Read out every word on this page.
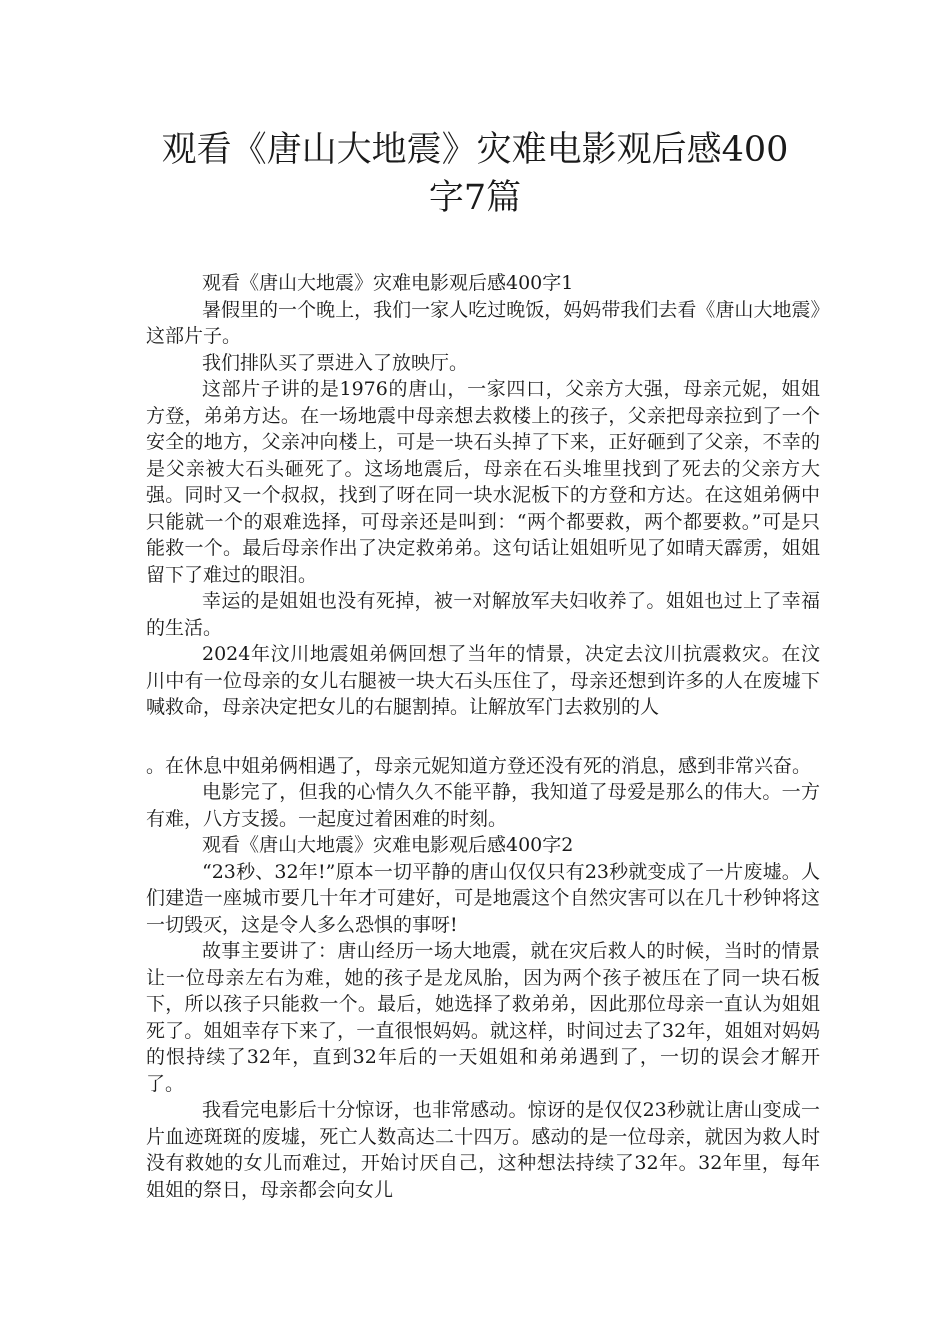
观看《唐山大地震》灾难电影观后感400
字7篇

观看《唐山大地震》灾难电影观后感400字1

暑假里的一个晚上，我们一家人吃过晚饭，妈妈带我们去看《唐山大地震》这部片子。

我们排队买了票进入了放映厅。

这部片子讲的是1976的唐山，一家四口，父亲方大强，母亲元妮，姐姐方登，弟弟方达。在一场地震中母亲想去救楼上的孩子，父亲把母亲拉到了一个安全的地方，父亲冲向楼上，可是一块石头掉了下来，正好砸到了父亲，不幸的是父亲被大石头砸死了。这场地震后，母亲在石头堆里找到了死去的父亲方大强。同时又一个叔叔，找到了呀在同一块水泥板下的方登和方达。在这姐弟俩中只能就一个的艰难选择，可母亲还是叫到：“两个都要救，两个都要救。”可是只能救一个。最后母亲作出了决定救弟弟。这句话让姐姐听见了如晴天霹雳，姐姐留下了难过的眼泪。

幸运的是姐姐也没有死掉，被一对解放军夫妇收养了。姐姐也过上了幸福的生活。

2024年汶川地震姐弟俩回想了当年的情景，决定去汶川抗震救灾。在汶川中有一位母亲的女儿右腿被一块大石头压住了，母亲还想到许多的人在废墟下喊救命，母亲决定把女儿的右腿割掉。让解放军门去救别的人

。在休息中姐弟俩相遇了，母亲元妮知道方登还没有死的消息，感到非常兴奋。

电影完了，但我的心情久久不能平静，我知道了母爱是那么的伟大。一方有难，八方支援。一起度过着困难的时刻。

观看《唐山大地震》灾难电影观后感400字2

“23秒、32年!”原本一切平静的唐山仅仅只有23秒就变成了一片废墟。人们建造一座城市要几十年才可建好，可是地震这个自然灾害可以在几十秒钟将这一切毁灭，这是令人多么恐惧的事呀!

故事主要讲了：唐山经历一场大地震，就在灾后救人的时候，当时的情景让一位母亲左右为难，她的孩子是龙凤胎，因为两个孩子被压在了同一块石板下，所以孩子只能救一个。最后，她选择了救弟弟，因此那位母亲一直认为姐姐死了。姐姐幸存下来了，一直很恨妈妈。就这样，时间过去了32年，姐姐对妈妈的恨持续了32年，直到32年后的一天姐姐和弟弟遇到了，一切的误会才解开了。

我看完电影后十分惊讶，也非常感动。惊讶的是仅仅23秒就让唐山变成一片血迹斑斑的废墟，死亡人数高达二十四万。感动的是一位母亲，就因为救人时没有救她的女儿而难过，开始讨厌自己，这种想法持续了32年。32年里，每年姐姐的祭日，母亲都会向女儿
